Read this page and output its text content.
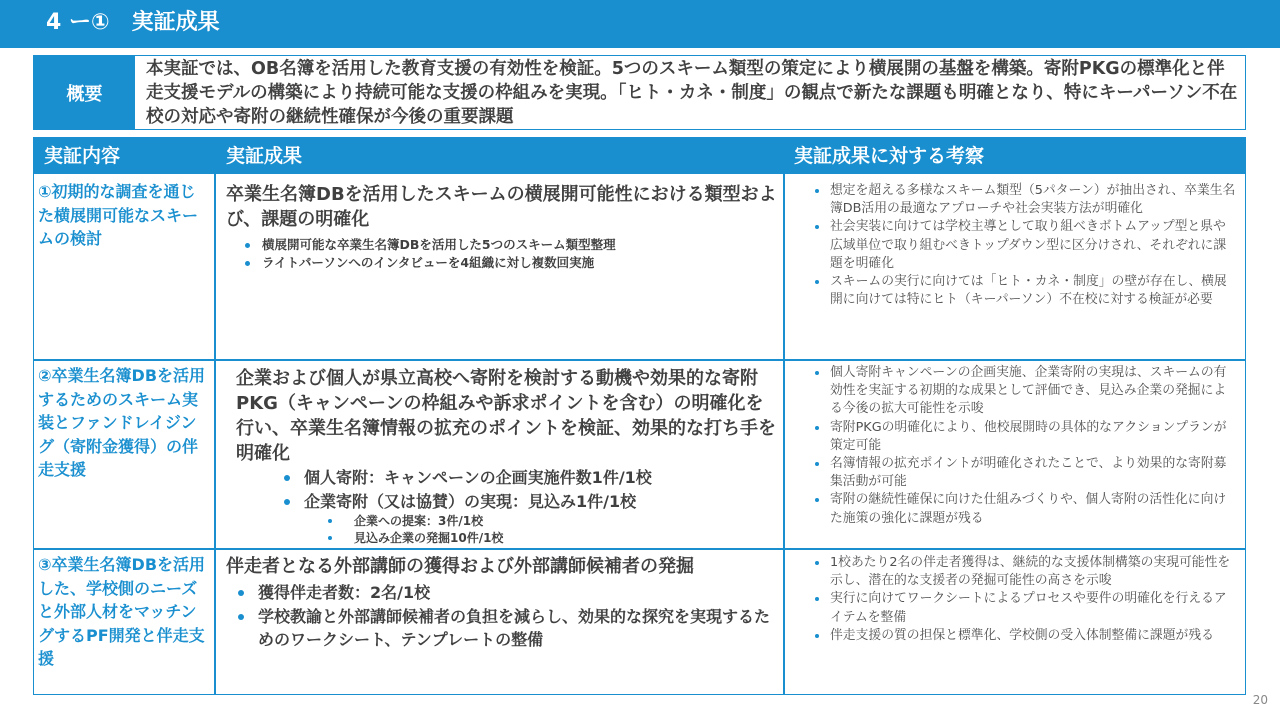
4 ー①　実証成果
概要
本実証では、OB名簿を活用した教育支援の有効性を検証。5つのスキーム類型の策定により横展開の基盤を構築。寄附PKGの標準化と伴走支援モデルの構築により持続可能な支援の枠組みを実現。「ヒト・カネ・制度」の観点で新たな課題も明確となり、特にキーパーソン不在校の対応や寄附の継続性確保が今後の重要課題
実証内容	実証成果	実証成果に対する考察
①初期的な調査を通じた横展開可能なスキームの検討
卒業生名簿DBを活用したスキームの横展開可能性における類型および、課題の明確化
横展開可能な卒業生名簿DBを活用した5つのスキーム類型整理
ライトパーソンへのインタビューを4組織に対し複数回実施
想定を超える多様なスキーム類型（5パターン）が抽出され、卒業生名簿DB活用の最適なアプローチや社会実装方法が明確化
社会実装に向けては学校主導として取り組べきボトムアップ型と県や広域単位で取り組むべきトップダウン型に区分けされ、それぞれに課題を明確化
スキームの実行に向けては「ヒト・カネ・制度」の壁が存在し、横展開に向けては特にヒト（キーパーソン）不在校に対する検証が必要
②卒業生名簿DBを活用するためのスキーム実装とファンドレイジング（寄附金獲得）の伴走支援
企業および個人が県立高校へ寄附を検討する動機や効果的な寄附PKG（キャンペーンの枠組みや訴求ポイントを含む）の明確化を行い、卒業生名簿情報の拡充のポイントを検証、効果的な打ち手を明確化
個人寄附：キャンペーンの企画実施件数1件/1校
企業寄附（又は協賛）の実現：見込み1件/1校
企業への提案：3件/1校
見込み企業の発掘10件/1校
個人寄附キャンペーンの企画実施、企業寄附の実現は、スキームの有効性を実証する初期的な成果として評価でき、見込み企業の発掘による今後の拡大可能性を示唆
寄附PKGの明確化により、他校展開時の具体的なアクションプランが策定可能
名簿情報の拡充ポイントが明確化されたことで、より効果的な寄附募集活動が可能
寄附の継続性確保に向けた仕組みづくりや、個人寄附の活性化に向けた施策の強化に課題が残る
③卒業生名簿DBを活用した、学校側のニーズと外部人材をマッチングするPF開発と伴走支援
伴走者となる外部講師の獲得および外部講師候補者の発掘
獲得伴走者数：2名/1校
学校教諭と外部講師候補者の負担を減らし、効果的な探究を実現するためのワークシート、テンプレートの整備
1校あたり2名の伴走者獲得は、継続的な支援体制構築の実現可能性を示し、潜在的な支援者の発掘可能性の高さを示唆
実行に向けてワークシートによるプロセスや要件の明確化を行えるアイテムを整備
伴走支援の質の担保と標準化、学校側の受入体制整備に課題が残る
20
